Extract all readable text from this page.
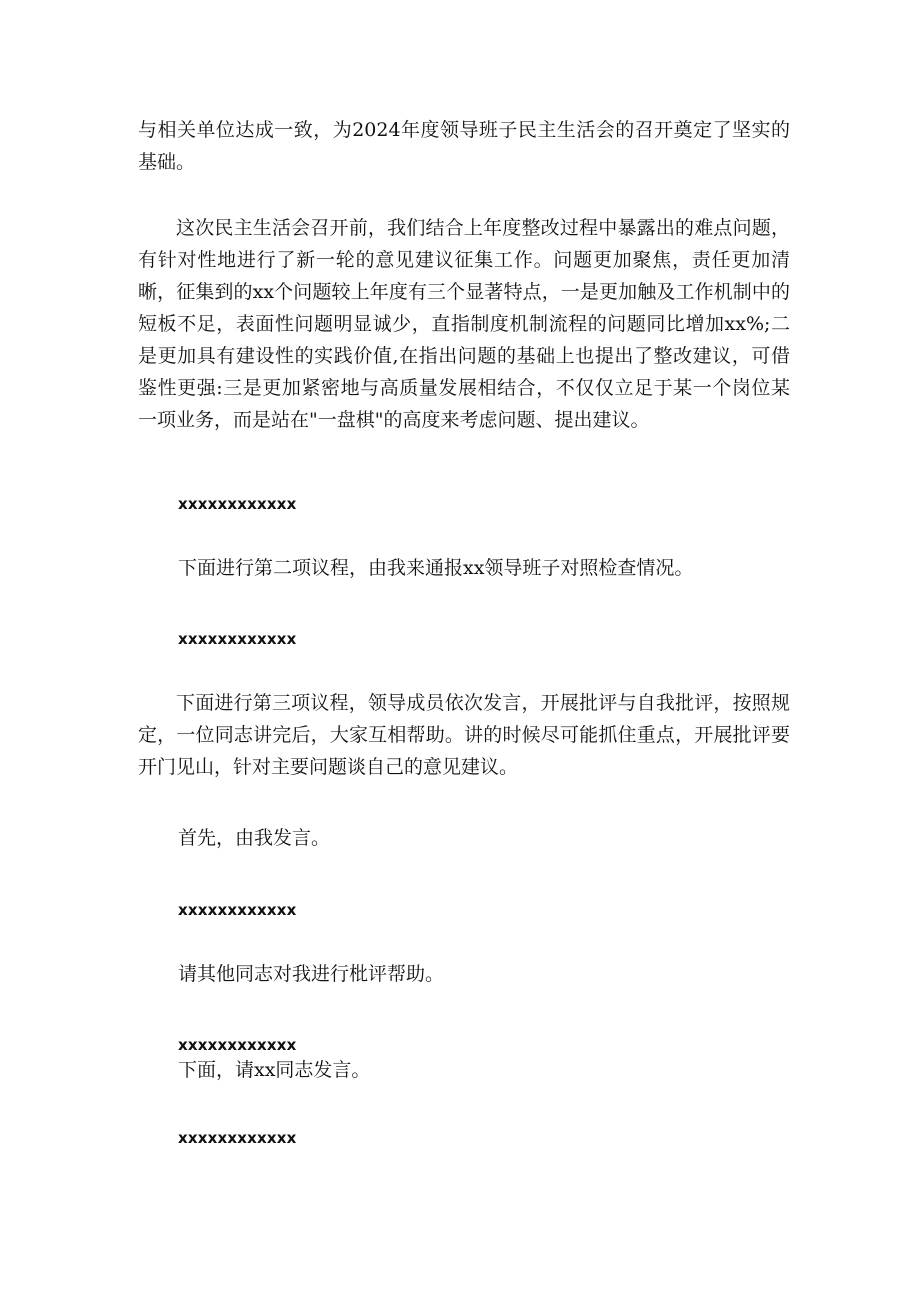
与相关单位达成一致，为2024年度领导班子民主生活会的召开奠定了坚实的基础。

这次民主生活会召开前，我们结合上年度整改过程中暴露出的难点问题，有针对性地进行了新一轮的意见建议征集工作。问题更加聚焦，责任更加清晰，征集到的xx个问题较上年度有三个显著特点，一是更加触及工作机制中的短板不足，表面性问题明显诚少，直指制度机制流程的问题同比增加xx%;二是更加具有建设性的实践价值,在指出问题的基础上也提出了整改建议，可借鉴性更强:三是更加紧密地与高质量发展相结合，不仅仅立足于某一个岗位某一项业务，而是站在"一盘棋"的高度来考虑问题、提出建议。

xxxxxxxxxxxx

下面进行第二项议程，由我来通报xx领导班子对照检查情况。

xxxxxxxxxxxx

下面进行第三项议程，领导成员依次发言，开展批评与自我批评，按照规定，一位同志讲完后，大家互相帮助。讲的时候尽可能抓住重点，开展批评要开门见山，针对主要问题谈自己的意见建议。

首先，由我发言。

xxxxxxxxxxxx

请其他同志对我进行枇评帮助。

xxxxxxxxxxxx

下面，请xx同志发言。

xxxxxxxxxxxx
